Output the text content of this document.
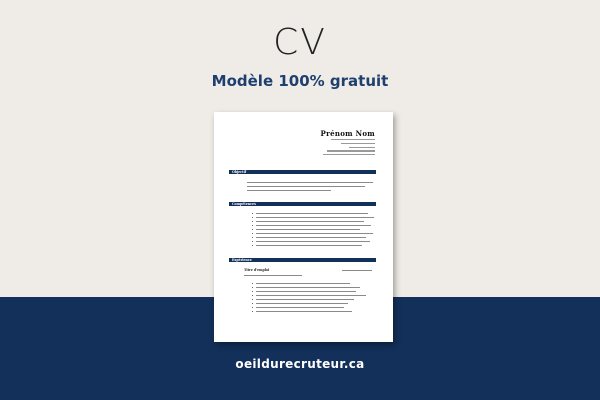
CV
Modèle 100% gratuit
Prénom Nom
Objectif
Compétences
Expérience
Titre d'emploi
oeildurecruteur.ca
